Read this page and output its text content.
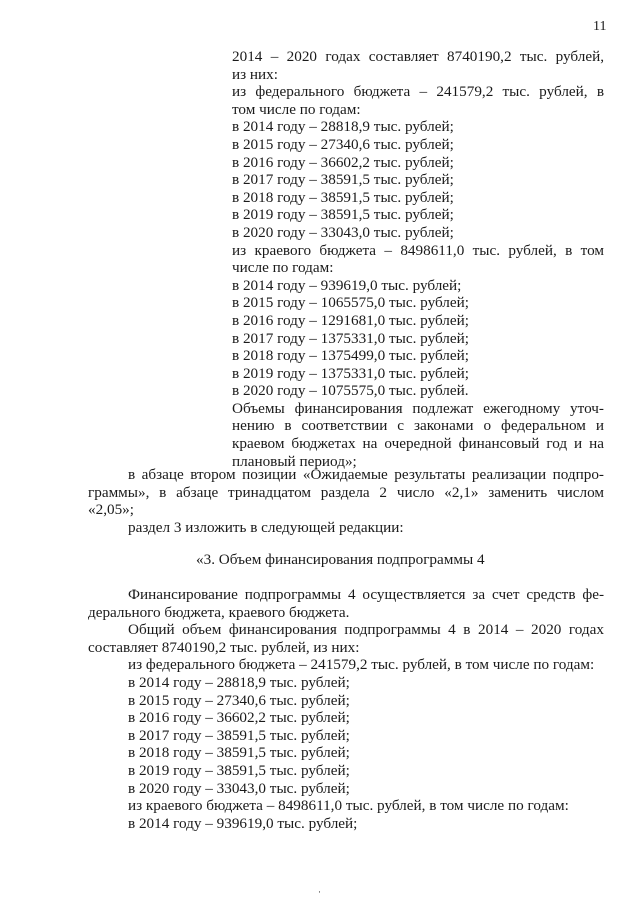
11
2014 – 2020 годах составляет 8740190,2 тыс. рублей,
из них:
из федерального бюджета – 241579,2 тыс. рублей, в
том числе по годам:
в 2014 году – 28818,9 тыс. рублей;
в 2015 году – 27340,6 тыс. рублей;
в 2016 году – 36602,2 тыс. рублей;
в 2017 году – 38591,5 тыс. рублей;
в 2018 году – 38591,5 тыс. рублей;
в 2019 году – 38591,5 тыс. рублей;
в 2020 году – 33043,0 тыс. рублей;
из краевого бюджета – 8498611,0 тыс. рублей, в том
числе по годам:
в 2014 году – 939619,0 тыс. рублей;
в 2015 году – 1065575,0 тыс. рублей;
в 2016 году – 1291681,0 тыс. рублей;
в 2017 году – 1375331,0 тыс. рублей;
в 2018 году – 1375499,0 тыс. рублей;
в 2019 году – 1375331,0 тыс. рублей;
в 2020 году – 1075575,0 тыс. рублей.
Объемы финансирования подлежат ежегодному уточ-
нению в соответствии с законами о федеральном и
краевом бюджетах на очередной финансовый год и на
плановый период»;
в абзаце втором позиции «Ожидаемые результаты реализации подпро-
граммы», в абзаце тринадцатом раздела 2 число «2,1» заменить числом
«2,05»;
раздел 3 изложить в следующей редакции:
«3. Объем финансирования подпрограммы 4
Финансирование подпрограммы 4 осуществляется за счет средств фе-
дерального бюджета, краевого бюджета.
Общий объем финансирования подпрограммы 4 в 2014 – 2020 годах
составляет 8740190,2 тыс. рублей, из них:
из федерального бюджета – 241579,2 тыс. рублей, в том числе по годам:
в 2014 году – 28818,9 тыс. рублей;
в 2015 году – 27340,6 тыс. рублей;
в 2016 году – 36602,2 тыс. рублей;
в 2017 году – 38591,5 тыс. рублей;
в 2018 году – 38591,5 тыс. рублей;
в 2019 году – 38591,5 тыс. рублей;
в 2020 году – 33043,0 тыс. рублей;
из краевого бюджета – 8498611,0 тыс. рублей, в том числе по годам:
в 2014 году – 939619,0 тыс. рублей;
·
